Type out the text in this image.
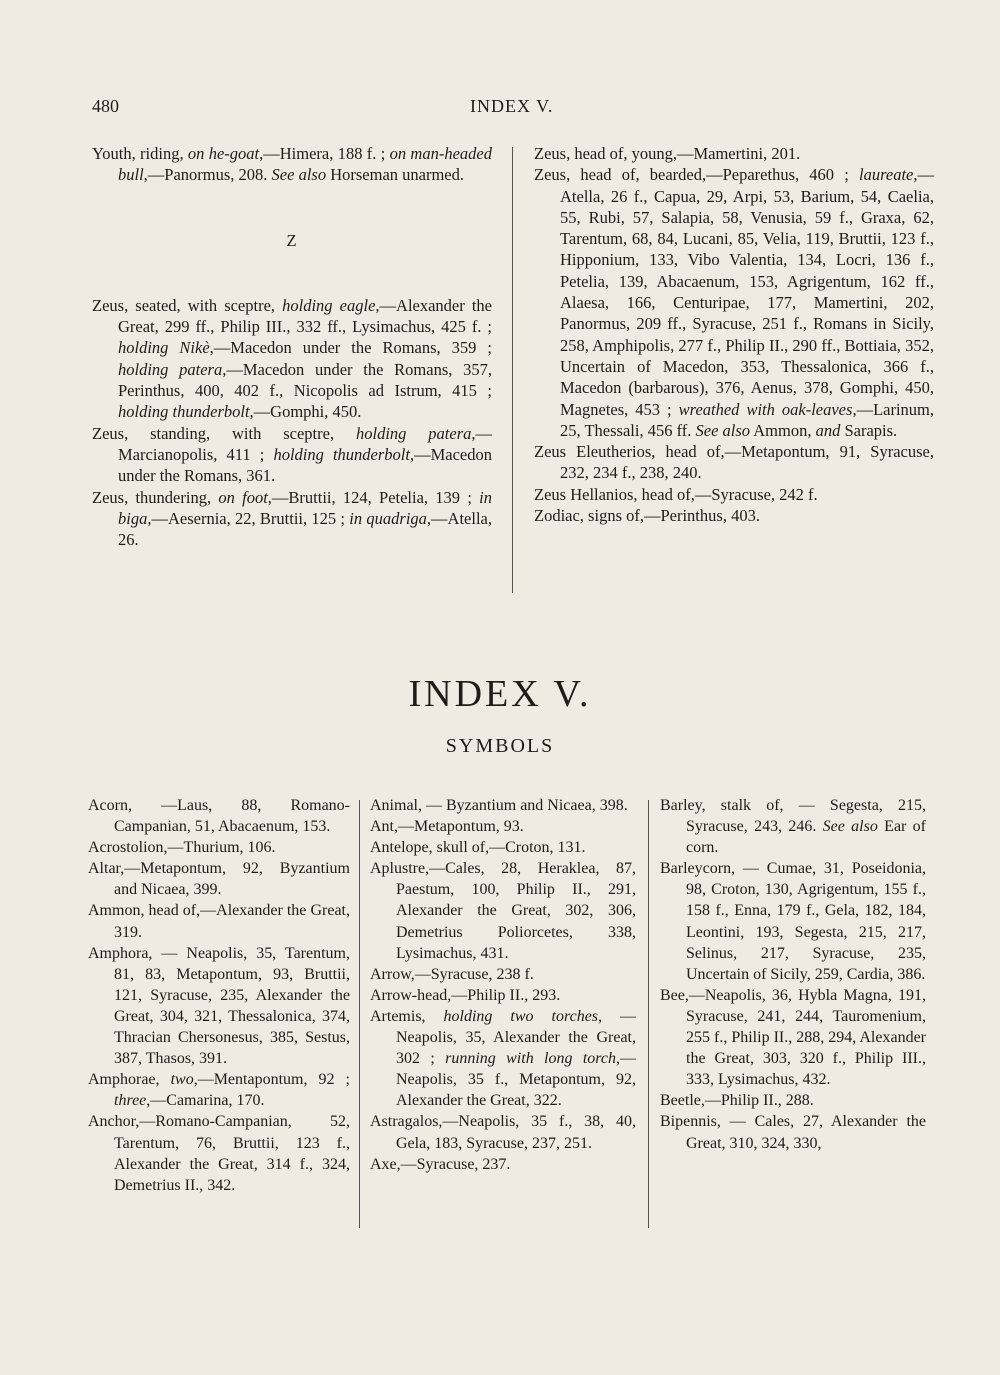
480	INDEX V.

Youth, riding, on he-goat,—Himera, 188 f. ; on man-headed bull,—Panormus, 208. See also Horseman unarmed.

Z

Zeus, seated, with sceptre, holding eagle,—Alexander the Great, 299 ff., Philip III., 332 ff., Lysimachus, 425 f. ; holding Nikè,—Macedon under the Romans, 359 ; holding patera,—Macedon under the Romans, 357, Perinthus, 400, 402 f., Nicopolis ad Istrum, 415 ; holding thunderbolt,—Gomphi, 450.

Zeus, standing, with sceptre, holding patera,—Marcianopolis, 411 ; holding thunderbolt,—Macedon under the Romans, 361.

Zeus, thundering, on foot,—Bruttii, 124, Petelia, 139 ; in biga,—Aesernia, 22, Bruttii, 125 ; in quadriga,—Atella, 26.

Zeus, head of, young,—Mamertini, 201.

Zeus, head of, bearded,—Peparethus, 460 ; laureate,—Atella, 26 f., Capua, 29, Arpi, 53, Barium, 54, Caelia, 55, Rubi, 57, Salapia, 58, Venusia, 59 f., Graxa, 62, Tarentum, 68, 84, Lucani, 85, Velia, 119, Bruttii, 123 f., Hipponium, 133, Vibo Valentia, 134, Locri, 136 f., Petelia, 139, Abacaenum, 153, Agrigentum, 162 ff., Alaesa, 166, Centuripae, 177, Mamertini, 202, Panormus, 209 ff., Syracuse, 251 f., Romans in Sicily, 258, Amphipolis, 277 f., Philip II., 290 ff., Bottiaia, 352, Uncertain of Macedon, 353, Thessalonica, 366 f., Macedon (barbarous), 376, Aenus, 378, Gomphi, 450, Magnetes, 453 ; wreathed with oak-leaves,—Larinum, 25, Thessali, 456 ff. See also Ammon, and Sarapis.

Zeus Eleutherios, head of,—Metapontum, 91, Syracuse, 232, 234 f., 238, 240.

Zeus Hellanios, head of,—Syracuse, 242 f.

Zodiac, signs of,—Perinthus, 403.

INDEX V.
SYMBOLS

Acorn, —Laus, 88, Romano-Campanian, 51, Abacaenum, 153.

Acrostolion,—Thurium, 106.

Altar,—Metapontum, 92, Byzantium and Nicaea, 399.

Ammon, head of,—Alexander the Great, 319.

Amphora, — Neapolis, 35, Tarentum, 81, 83, Metapontum, 93, Bruttii, 121, Syracuse, 235, Alexander the Great, 304, 321, Thessalonica, 374, Thracian Chersonesus, 385, Sestus, 387, Thasos, 391.

Amphorae, two,—Mentapontum, 92 ; three,—Camarina, 170.

Anchor,—Romano-Campanian, 52, Tarentum, 76, Bruttii, 123 f., Alexander the Great, 314 f., 324, Demetrius II., 342.

Animal, — Byzantium and Nicaea, 398.

Ant,—Metapontum, 93.

Antelope, skull of,—Croton, 131.

Aplustre,—Cales, 28, Heraklea, 87, Paestum, 100, Philip II., 291, Alexander the Great, 302, 306, Demetrius Poliorcetes, 338, Lysimachus, 431.

Arrow,—Syracuse, 238 f.

Arrow-head,—Philip II., 293.

Artemis, holding two torches, — Neapolis, 35, Alexander the Great, 302 ; running with long torch,—Neapolis, 35 f., Metapontum, 92, Alexander the Great, 322.

Astragalos,—Neapolis, 35 f., 38, 40, Gela, 183, Syracuse, 237, 251.

Axe,—Syracuse, 237.

Barley, stalk of, — Segesta, 215, Syracuse, 243, 246. See also Ear of corn.

Barleycorn, — Cumae, 31, Poseidonia, 98, Croton, 130, Agrigentum, 155 f., 158 f., Enna, 179 f., Gela, 182, 184, Leontini, 193, Segesta, 215, 217, Selinus, 217, Syracuse, 235, Uncertain of Sicily, 259, Cardia, 386.

Bee,—Neapolis, 36, Hybla Magna, 191, Syracuse, 241, 244, Tauromenium, 255 f., Philip II., 288, 294, Alexander the Great, 303, 320 f., Philip III., 333, Lysimachus, 432.

Beetle,—Philip II., 288.

Bipennis, — Cales, 27, Alexander the Great, 310, 324, 330,
